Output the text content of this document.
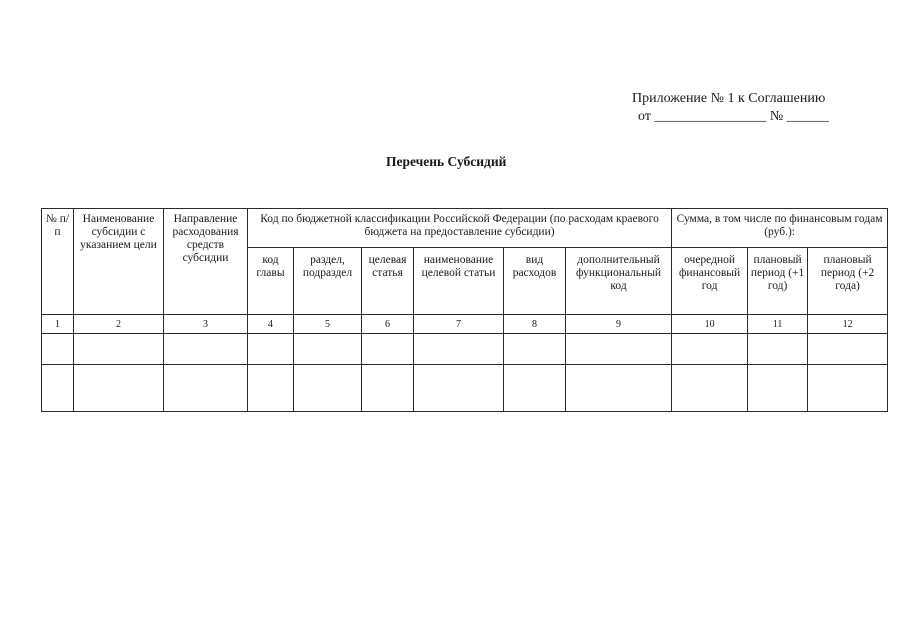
Приложение № 1 к Соглашению
от ________________ № ______
Перечень Субсидий
№ п/п	Наименование субсидии с указанием цели	Направление расходования средств субсидии	Код по бюджетной классификации Российской Федерации (по расходам краевого бюджета на предоставление субсидии)						Сумма, в том числе по финансовым годам (руб.):		
			код главы	раздел, подраздел	целевая статья	наименование целевой статьи	вид расходов	дополнительный функциональный код	очередной финансовый год	плановый период (+1 год)	плановый период (+2 года)
1	2	3	4	5	6	7	8	9	10	11	12
